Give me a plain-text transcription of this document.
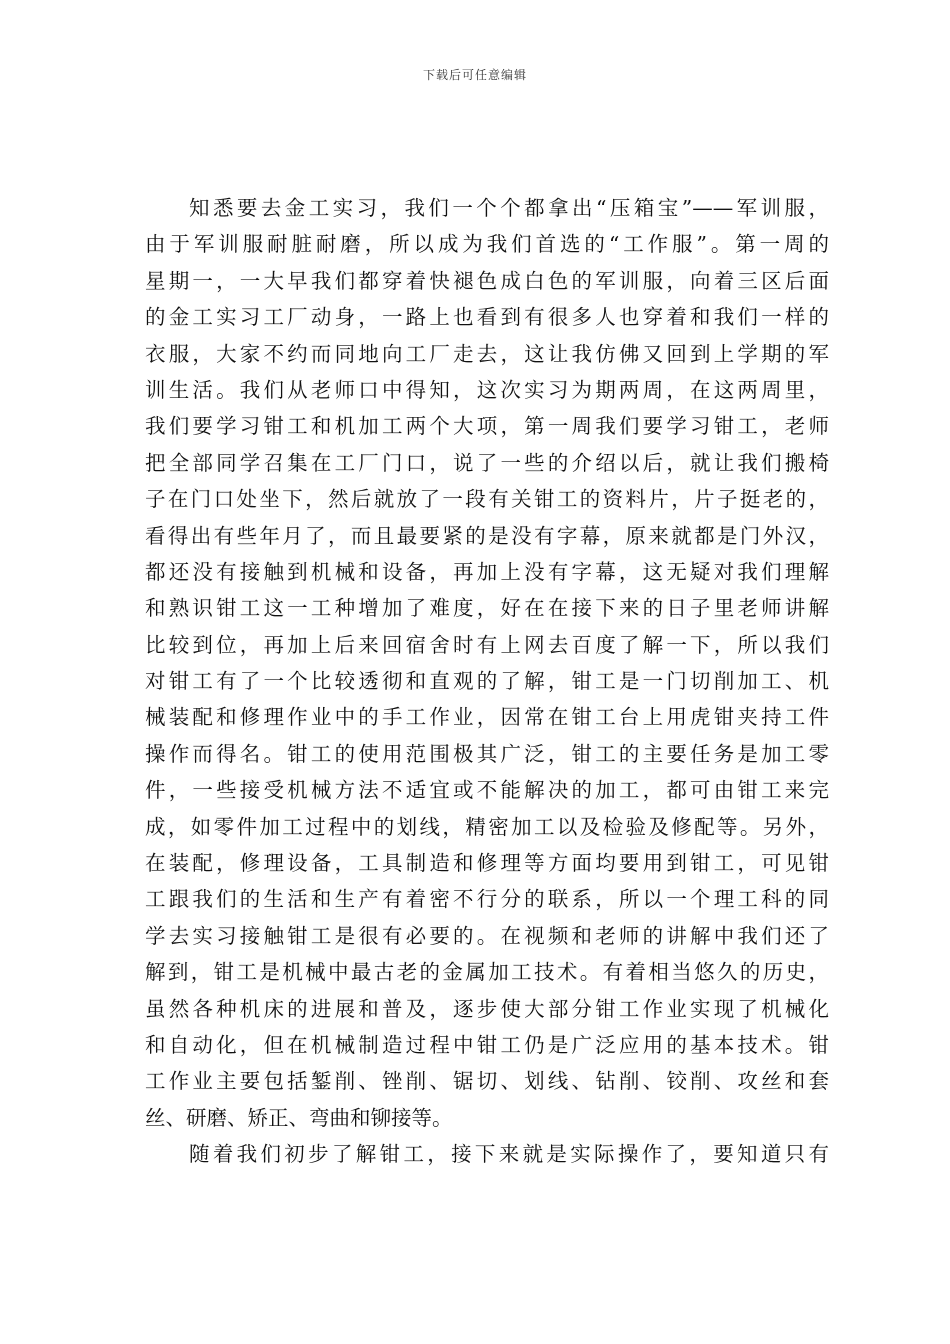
下载后可任意编辑
知悉要去金工实习，我们一个个都拿出“压箱宝”——军训服，
由于军训服耐脏耐磨，所以成为我们首选的“工作服”。第一周的
星期一，一大早我们都穿着快褪色成白色的军训服，向着三区后面
的金工实习工厂动身，一路上也看到有很多人也穿着和我们一样的
衣服，大家不约而同地向工厂走去，这让我仿佛又回到上学期的军
训生活。我们从老师口中得知，这次实习为期两周，在这两周里，
我们要学习钳工和机加工两个大项，第一周我们要学习钳工，老师
把全部同学召集在工厂门口，说了一些的介绍以后，就让我们搬椅
子在门口处坐下，然后就放了一段有关钳工的资料片，片子挺老的，
看得出有些年月了，而且最要紧的是没有字幕，原来就都是门外汉，
都还没有接触到机械和设备，再加上没有字幕，这无疑对我们理解
和熟识钳工这一工种增加了难度，好在在接下来的日子里老师讲解
比较到位，再加上后来回宿舍时有上网去百度了解一下，所以我们
对钳工有了一个比较透彻和直观的了解，钳工是一门切削加工、机
械装配和修理作业中的手工作业，因常在钳工台上用虎钳夹持工件
操作而得名。钳工的使用范围极其广泛，钳工的主要任务是加工零
件，一些接受机械方法不适宜或不能解决的加工，都可由钳工来完
成，如零件加工过程中的划线，精密加工以及检验及修配等。另外，
在装配，修理设备，工具制造和修理等方面均要用到钳工，可见钳
工跟我们的生活和生产有着密不行分的联系，所以一个理工科的同
学去实习接触钳工是很有必要的。在视频和老师的讲解中我们还了
解到，钳工是机械中最古老的金属加工技术。有着相当悠久的历史，
虽然各种机床的进展和普及，逐步使大部分钳工作业实现了机械化
和自动化，但在机械制造过程中钳工仍是广泛应用的基本技术。钳
工作业主要包括錾削、锉削、锯切、划线、钻削、铰削、攻丝和套
丝、研磨、矫正、弯曲和铆接等。
随着我们初步了解钳工，接下来就是实际操作了，要知道只有
